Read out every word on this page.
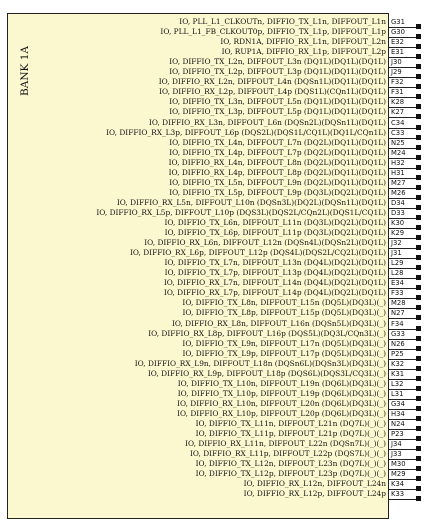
BANK 1A
IO, PLL_L1_CLKOUTn, DIFFIO_TX_L1n, DIFFOUT_L1n G31
IO, PLL_L1_FB_CLKOUT0p, DIFFIO_TX_L1p, DIFFOUT_L1p G30
IO, RDN1A, DIFFIO_RX_L1n, DIFFOUT_L2n E32
IO, RUP1A, DIFFIO_RX_L1p, DIFFOUT_L2p E31
IO, DIFFIO_TX_L2n, DIFFOUT_L3n (DQ1L)(DQ1L)(DQ1L) J30
IO, DIFFIO_TX_L2p, DIFFOUT_L3p (DQ1L)(DQ1L)(DQ1L) J29
IO, DIFFIO_RX_L2n, DIFFOUT_L4n (DQSn1L)(DQ1L)(DQ1L) F32
IO, DIFFIO_RX_L2p, DIFFOUT_L4p (DQS1L)(CQn1L)(DQ1L) F31
IO, DIFFIO_TX_L3n, DIFFOUT_L5n (DQ1L)(DQ1L)(DQ1L) K28
IO, DIFFIO_TX_L3p, DIFFOUT_L5p (DQ1L)(DQ1L)(DQ1L) K27
IO, DIFFIO_RX_L3n, DIFFOUT_L6n (DQSn2L)(DQSn1L)(DQ1L) C34
IO, DIFFIO_RX_L3p, DIFFOUT_L6p (DQS2L)(DQS1L/CQ1L)(DQ1L/CQn1L) C33
IO, DIFFIO_TX_L4n, DIFFOUT_L7n (DQ2L)(DQ1L)(DQ1L) N25
IO, DIFFIO_TX_L4p, DIFFOUT_L7p (DQ2L)(DQ1L)(DQ1L) M24
IO, DIFFIO_RX_L4n, DIFFOUT_L8n (DQ2L)(DQ1L)(DQ1L) H32
IO, DIFFIO_RX_L4p, DIFFOUT_L8p (DQ2L)(DQ1L)(DQ1L) H31
IO, DIFFIO_TX_L5n, DIFFOUT_L9n (DQ2L)(DQ1L)(DQ1L) M27
IO, DIFFIO_TX_L5p, DIFFOUT_L9p (DQ3L)(DQ2L)(DQ1L) M26
IO, DIFFIO_RX_L5n, DIFFOUT_L10n (DQSn3L)(DQ2L)(DQSn1L)(DQ1L) D34
IO, DIFFIO_RX_L5p, DIFFOUT_L10p (DQS3L)(DQS2L/CQn2L)(DQS1L/CQ1L) D33
IO, DIFFIO_TX_L6n, DIFFOUT_L11n (DQ3L)(DQ2L)(DQ1L) K30
IO, DIFFIO_TX_L6p, DIFFOUT_L11p (DQ3L)(DQ2L)(DQ1L) K29
IO, DIFFIO_RX_L6n, DIFFOUT_L12n (DQSn4L)(DQSn2L)(DQ1L) J32
IO, DIFFIO_RX_L6p, DIFFOUT_L12p (DQS4L)(DQS2L/CQ2L)(DQ1L) J31
IO, DIFFIO_TX_L7n, DIFFOUT_L13n (DQ4L)(DQ2L)(DQ1L) L29
IO, DIFFIO_TX_L7p, DIFFOUT_L13p (DQ4L)(DQ2L)(DQ1L) L28
IO, DIFFIO_RX_L7n, DIFFOUT_L14n (DQ4L)(DQ2L)(DQ1L) E34
IO, DIFFIO_RX_L7p, DIFFOUT_L14p (DQ4L)(DQ2L)(DQ1L) F33
IO, DIFFIO_TX_L8n, DIFFOUT_L15n (DQ5L)(DQ3L)(_) M28
IO, DIFFIO_TX_L8p, DIFFOUT_L15p (DQ5L)(DQ3L)(_) N27
IO, DIFFIO_RX_L8n, DIFFOUT_L16n (DQSn5L)(DQ3L)(_) F34
IO, DIFFIO_RX_L8p, DIFFOUT_L16p (DQS5L)(DQ3L/CQn3L)(_) G33
IO, DIFFIO_TX_L9n, DIFFOUT_L17n (DQ5L)(DQ3L)(_) N26
IO, DIFFIO_TX_L9p, DIFFOUT_L17p (DQ5L)(DQ3L)(_) P25
IO, DIFFIO_RX_L9n, DIFFOUT_L18n (DQSn6L)(DQSn3L)(DQ3L)(_) K32
IO, DIFFIO_RX_L9p, DIFFOUT_L18p (DQS6L)(DQS3L/CQ3L)(_) K31
IO, DIFFIO_TX_L10n, DIFFOUT_L19n (DQ6L)(DQ3L)(_) L32
IO, DIFFIO_TX_L10p, DIFFOUT_L19p (DQ6L)(DQ3L)(_) L31
IO, DIFFIO_RX_L10n, DIFFOUT_L20n (DQ6L)(DQ3L)(_) G34
IO, DIFFIO_RX_L10p, DIFFOUT_L20p (DQ6L)(DQ3L)(_) H34
IO, DIFFIO_TX_L11n, DIFFOUT_L21n (DQ7L)(_)(_) N24
IO, DIFFIO_TX_L11p, DIFFOUT_L21p (DQ7L)(_)(_) P23
IO, DIFFIO_RX_L11n, DIFFOUT_L22n (DQSn7L)(_)(_) J34
IO, DIFFIO_RX_L11p, DIFFOUT_L22p (DQS7L)(_)(_) J33
IO, DIFFIO_TX_L12n, DIFFOUT_L23n (DQ7L)(_)(_) M30
IO, DIFFIO_TX_L12p, DIFFOUT_L23p (DQ7L)(_)(_) M29
IO, DIFFIO_RX_L12n, DIFFOUT_L24n K34
IO, DIFFIO_RX_L12p, DIFFOUT_L24p K33
